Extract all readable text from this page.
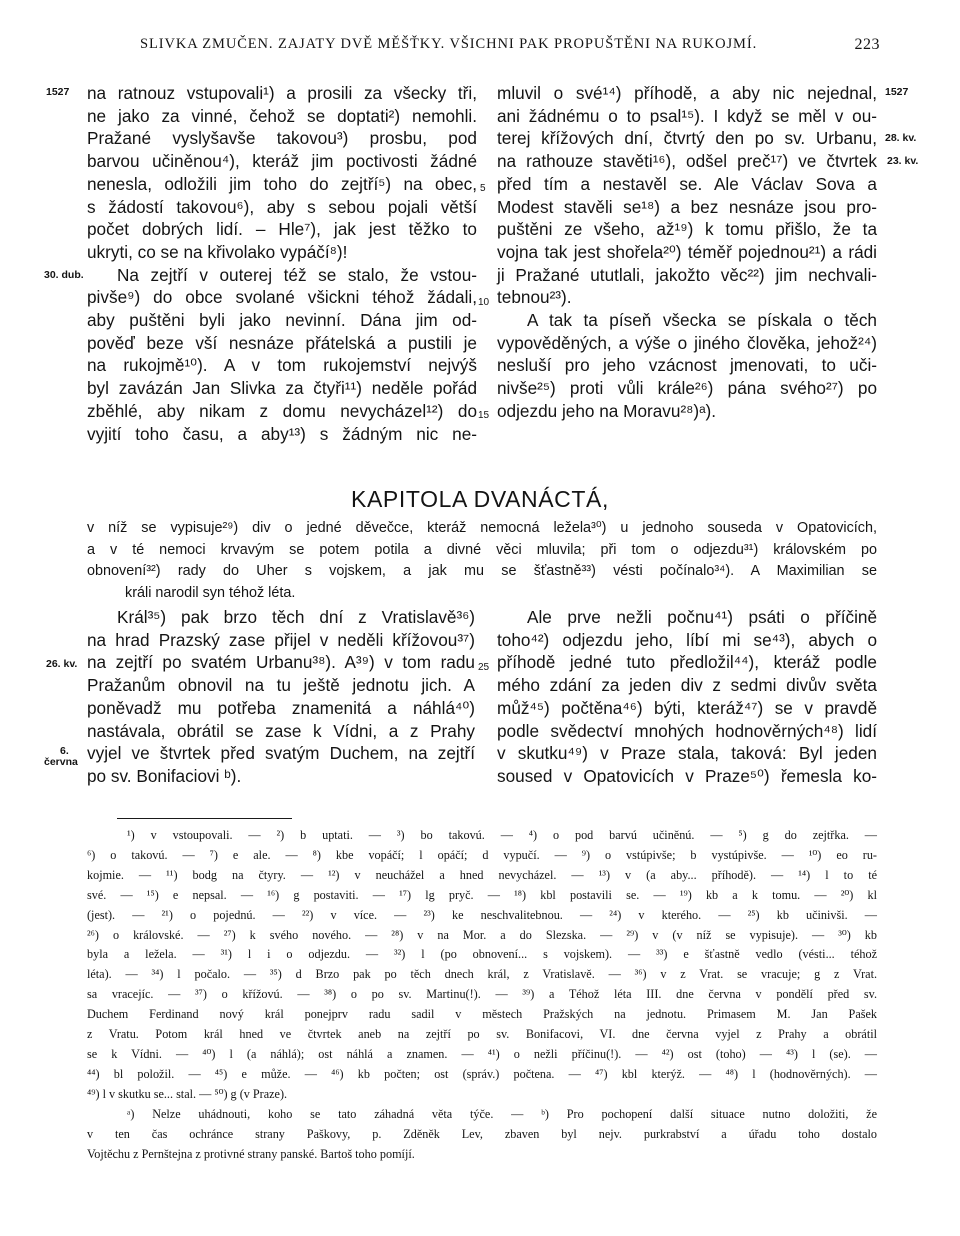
SLIVKA ZMUČEN. ZAJATY DVĚ MĚŠŤKY. VŠICHNI PAK PROPUŠTĚNI NA RUKOJMÍ.	223
1527
30. dub.
1527
28. kv.
23. kv.
26. kv.
6.
června
5
10
15
25
na ratnouz vstupovali¹) a prosili za všecky tři,
ne jako za vinné, čehož se doptati²) nemohli.
Pražané vyslyšavše takovou³) prosbu, pod
barvou učiněnou⁴), kteráž jim poctivosti žádné
nenesla, odložili jim toho do zejtří⁵) na obec,
s žádostí takovou⁶), aby s sebou pojali větší
počet dobrých lidí. – Hle⁷), jak jest těžko to
ukryti, co se na křivolako vypáčí⁸)!
Na zejtří v outerej též se stalo, že vstou-
pivše⁹) do obce svolané všickni téhož žádali,
aby puštěni byli jako nevinní. Dána jim od-
pověď beze vší nesnáze přátelská a pustili je
na rukojmě¹⁰). A v tom rukojemství nejvýš
byl zavázán Jan Slivka za čtyři¹¹) neděle pořád
zběhlé, aby nikam z domu nevycházel¹²) do
vyjití toho času, a aby¹³) s žádným nic ne-
mluvil o své¹⁴) příhodě, a aby nic nejednal,
ani žádnému o to psal¹⁵). I když se měl v ou-
terej křížových dní, čtvrtý den po sv. Urbanu,
na rathouze stavěti¹⁶), odšel preč¹⁷) ve čtvrtek
před tím a nestavěl se. Ale Václav Sova a
Modest stavěli se¹⁸) a bez nesnáze jsou pro-
puštěni ze všeho, až¹⁹) k tomu přišlo, že ta
vojna tak jest shořela²⁰) téměř pojednou²¹) a rádi
ji Pražané ututlali, jakožto věc²²) jim nechvali-
tebnou²³).
A tak ta píseň všecka se pískala o těch
vypověděných, a výše o jiného člověka, jehož²⁴)
nesluší pro jeho vzácnost jmenovati, to uči-
nivše²⁵) proti vůli krále²⁶) pána svého²⁷) po
odjezdu jeho na Moravu²⁸)ᵃ).
KAPITOLA DVANÁCTÁ,
v níž se vypisuje²⁹) div o jedné děvečce, kteráž nemocná ležela³⁰) u jednoho souseda v Opatovicích,
a v té nemoci krvavým se potem potila a divné věci mluvila; při tom o odjezdu³¹) královském po
obnovení³²) rady do Uher s vojskem, a jak mu se šťastně³³) vésti počínalo³⁴). A Maximilian se
králi narodil syn téhož léta.
Král³⁵) pak brzo těch dní z Vratislavě³⁶)
na hrad Prazský zase přijel v neděli křížovou³⁷)
na zejtří po svatém Urbanu³⁸). A³⁹) v tom radu
Pražanům obnovil na tu ještě jednotu jich. A
poněvadž mu potřeba znamenitá a náhlá⁴⁰)
nastávala, obrátil se zase k Vídni, a z Prahy
vyjel ve štvrtek před svatým Duchem, na zejtří
po sv. Bonifaciovi ᵇ).
Ale prve nežli počnu⁴¹) psáti o příčině
toho⁴²) odjezdu jeho, líbí mi se⁴³), abych o
příhodě jedné tuto předložil⁴⁴), kteráž podle
mého zdání za jeden div z sedmi divův světa
můž⁴⁵) počtěna⁴⁶) býti, kteráž⁴⁷) se v pravdě
podle svědectví mnohých hodnověrných⁴⁸) lidí
v skutku⁴⁹) v Praze stala, taková: Byl jeden
soused v Opatovicích v Praze⁵⁰) řemesla ko-
¹) v vstoupovali. — ²) b uptati. — ³) bo takovú. — ⁴) o pod barvú učiněnú. — ⁵) g do zejtřka. —
⁶) o takovú. — ⁷) e ale. — ⁸) kbe vopáčí; l opáčí; d vypučí. — ⁹) o vstúpivše; b vystúpivše. — ¹⁰) eo ru-
kojmie. — ¹¹) bodg na čtyry. — ¹²) v neuchážel a hned nevycházel. — ¹³) v (a aby... příhodě). — ¹⁴) l to té
své. — ¹⁵) e nepsal. — ¹⁶) g postaviti. — ¹⁷) lg pryč. — ¹⁸) kbl postavili se. — ¹⁹) kb a k tomu. — ²⁰) kl
(jest). — ²¹) o pojednú. — ²²) v více. — ²³) ke neschvalitebnou. — ²⁴) v kterého. — ²⁵) kb učinivši. —
²⁶) o královské. — ²⁷) k svého nového. — ²⁸) v na Mor. a do Slezska. — ²⁹) v (v níž se vypisuje). — ³⁰) kb
byla a ležela. — ³¹) l i o odjezdu. — ³²) l (po obnovení... s vojskem). — ³³) e šťastně vedlo (vésti... téhož
léta). — ³⁴) l počalo. — ³⁵) d Brzo pak po těch dnech král, z Vratislavě. — ³⁶) v z Vrat. se vracuje; g z Vrat.
sa vracejíc. — ³⁷) o křížovú. — ³⁸) o po sv. Martinu(!). — ³⁹) a Téhož léta III. dne června v pondělí před sv.
Duchem Ferdinand nový král ponejprv radu sadil v městech Pražských na jednotu. Primasem M. Jan Pašek
z Vratu. Potom král hned ve čtvrtek aneb na zejtří po sv. Bonifacovi, VI. dne června vyjel z Prahy a obrátil
se k Vídni. — ⁴⁰) l (a náhlá); ost náhlá a znamen. — ⁴¹) o nežli příčinu(!). — ⁴²) ost (toho) — ⁴³) l (se). —
⁴⁴) bl položil. — ⁴⁵) e může. — ⁴⁶) kb počten; ost (správ.) počtena. — ⁴⁷) kbl kterýž. — ⁴⁸) l (hodnověrných). —
⁴⁹) l v skutku se... stal. — ⁵⁰) g (v Praze).
ᵃ) Nelze uhádnouti, koho se tato záhadná věta týče. — ᵇ) Pro pochopení další situace nutno doložiti, že
v ten čas ochránce strany Paškovy, p. Zděněk Lev, zbaven byl nejv. purkrabství a úřadu toho dostalo
Vojtěchu z Pernštejna z protivné strany panské. Bartoš toho pomíjí.
